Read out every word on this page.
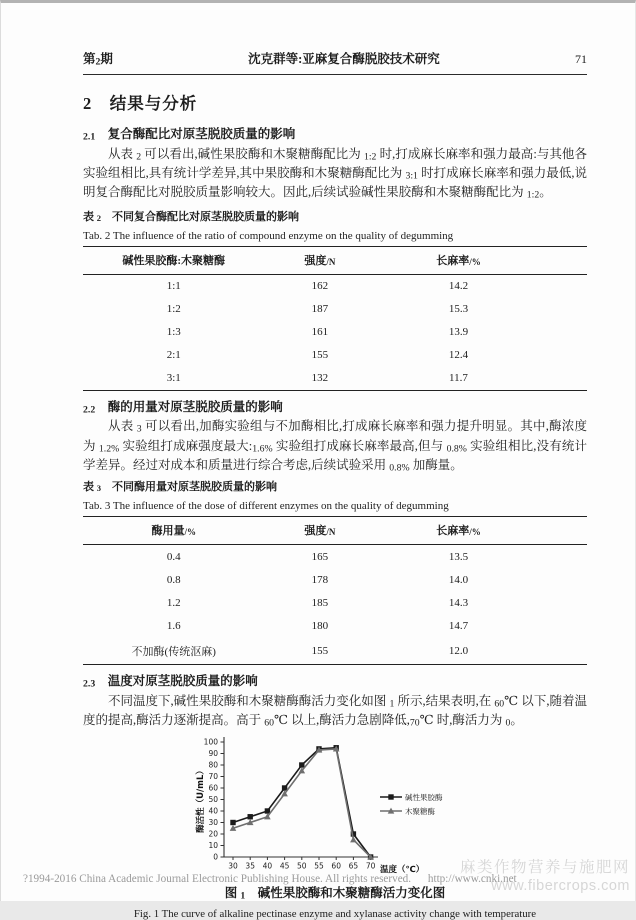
第2期	沈克群等:亚麻复合酶脱胶技术研究	71
2　结果与分析
2.1　复合酶配比对原茎脱胶质量的影响

从表 2 可以看出,碱性果胶酶和木聚糖酶配比为 1:2 时,打成麻长麻率和强力最高:与其他各实验组相比,具有统计学差异,其中果胶酶和木聚糖酶配比为 3:1 时打成麻长麻率和强力最低,说明复合酶配比对脱胶质量影响较大。因此,后续试验碱性果胶酶和木聚糖酶配比为 1:2。

表 2　不同复合酶配比对原茎脱胶质量的影响
Tab. 2 The influence of the ratio of compound enzyme on the quality of degumming
碱性果胶酶:木聚糖酶	强度/N	长麻率/%	
1:1	162	14.2	
1:2	187	15.3	
1:3	161	13.9	
2:1	155	12.4	
3:1	132	11.7	
2.2　酶的用量对原茎脱胶质量的影响

从表 3 可以看出,加酶实验组与不加酶相比,打成麻长麻率和强力提升明显。其中,酶浓度为 1.2% 实验组打成麻强度最大:1.6% 实验组打成麻长麻率最高,但与 0.8% 实验组相比,没有统计学差异。经过对成本和质量进行综合考虑,后续试验采用 0.8% 加酶量。

表 3　不同酶用量对原茎脱胶质量的影响
Tab. 3 The influence of the dose of different enzymes on the quality of degumming
酶用量/%	强度/N	长麻率/%	
0.4	165	13.5	
0.8	178	14.0	
1.2	185	14.3	
1.6	180	14.7	
不加酶(传统沤麻)	155	12.0	
2.3　温度对原茎脱胶质量的影响

不同温度下,碱性果胶酶和木聚糖酶酶活力变化如图 1 所示,结果表明,在 60℃ 以下,随着温度的提高,酶活力逐渐提高。高于 60℃ 以上,酶活力急剧降低,70℃ 时,酶活力为 0。

0
10
20
30
40
50
60
70
80
90
100
30 35 40 45 50 55 60 65 70
碱性果胶酶
木聚糖酶
温度（℃）
酶活性（U/mL）
图 1　碱性果胶酶和木聚糖酶活力变化图
Fig. 1 The curve of alkaline pectinase enzyme and xylanase activity change with temperature
?1994-2016 China Academic Journal Electronic Publishing House. All rights reserved. http://www.cnki.net
麻类作物营养与施肥网
www.fibercrops.com
